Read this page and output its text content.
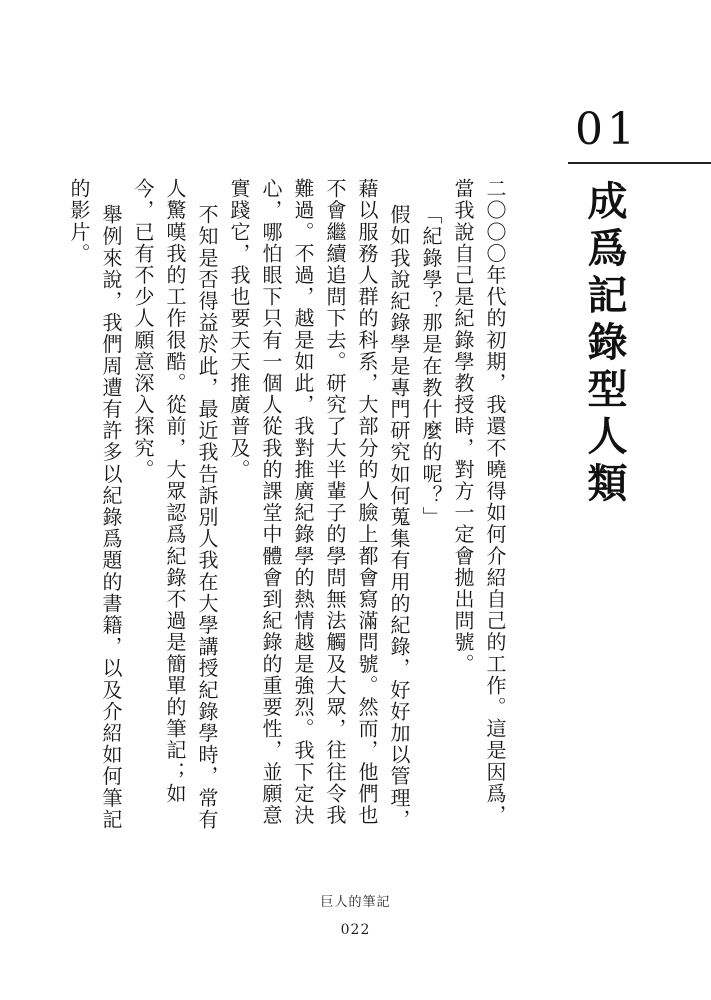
01
成爲記錄型人類

二〇〇〇年代的初期，我還不曉得如何介紹自己的工作。這是因爲，當我說自己是紀錄學教授時，對方一定會拋出問號。

「紀錄學？那是在教什麼的呢？」

假如我說紀錄學是專門研究如何蒐集有用的紀錄，好好加以管理，藉以服務人群的科系，大部分的人臉上都會寫滿問號。然而，他們也不會繼續追問下去。研究了大半輩子的學問無法觸及大眾，往往令我難過。不過，越是如此，我對推廣紀錄學的熱情越是強烈。我下定決心，哪怕眼下只有一個人從我的課堂中體會到紀錄的重要性，並願意實踐它，我也要天天推廣普及。

不知是否得益於此，最近我告訴別人我在大學講授紀錄學時，常有人驚嘆我的工作很酷。從前，大眾認爲紀錄不過是簡單的筆記；如今，已有不少人願意深入探究。

舉例來說，我們周遭有許多以紀錄爲題的書籍，以及介紹如何筆記的影片。

巨人的筆記
022
